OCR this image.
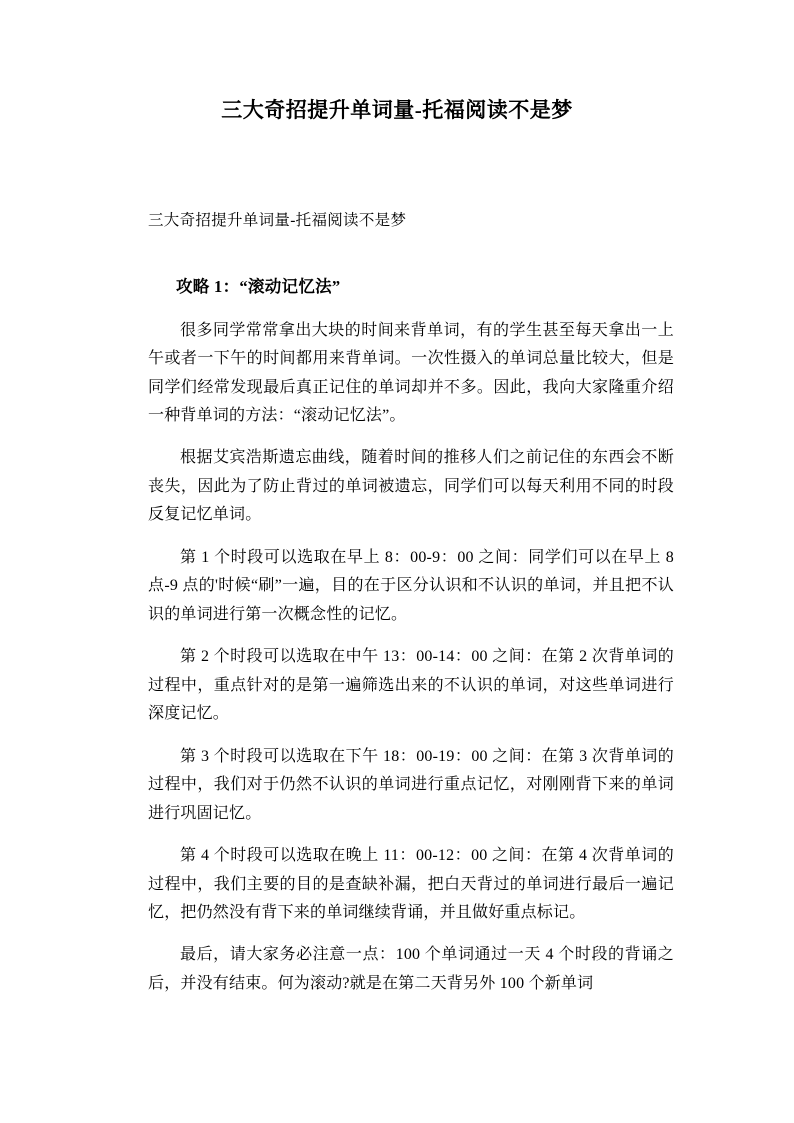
三大奇招提升单词量-托福阅读不是梦
三大奇招提升单词量-托福阅读不是梦
攻略 1：“滚动记忆法”

很多同学常常拿出大块的时间来背单词，有的学生甚至每天拿出一上午或者一下午的时间都用来背单词。一次性摄入的单词总量比较大，但是同学们经常发现最后真正记住的单词却并不多。因此，我向大家隆重介绍一种背单词的方法：“滚动记忆法”。

根据艾宾浩斯遗忘曲线，随着时间的推移人们之前记住的东西会不断丧失，因此为了防止背过的单词被遗忘，同学们可以每天利用不同的时段反复记忆单词。

第 1 个时段可以选取在早上 8：00-9：00 之间：同学们可以在早上 8 点-9 点的'时候“刷”一遍，目的在于区分认识和不认识的单词，并且把不认识的单词进行第一次概念性的记忆。

第 2 个时段可以选取在中午 13：00-14：00 之间：在第 2 次背单词的过程中，重点针对的是第一遍筛选出来的不认识的单词，对这些单词进行深度记忆。

第 3 个时段可以选取在下午 18：00-19：00 之间：在第 3 次背单词的过程中，我们对于仍然不认识的单词进行重点记忆，对刚刚背下来的单词进行巩固记忆。

第 4 个时段可以选取在晚上 11：00-12：00 之间：在第 4 次背单词的过程中，我们主要的目的是查缺补漏，把白天背过的单词进行最后一遍记忆，把仍然没有背下来的单词继续背诵，并且做好重点标记。

最后，请大家务必注意一点：100 个单词通过一天 4 个时段的背诵之后，并没有结束。何为滚动?就是在第二天背另外 100 个新单词
